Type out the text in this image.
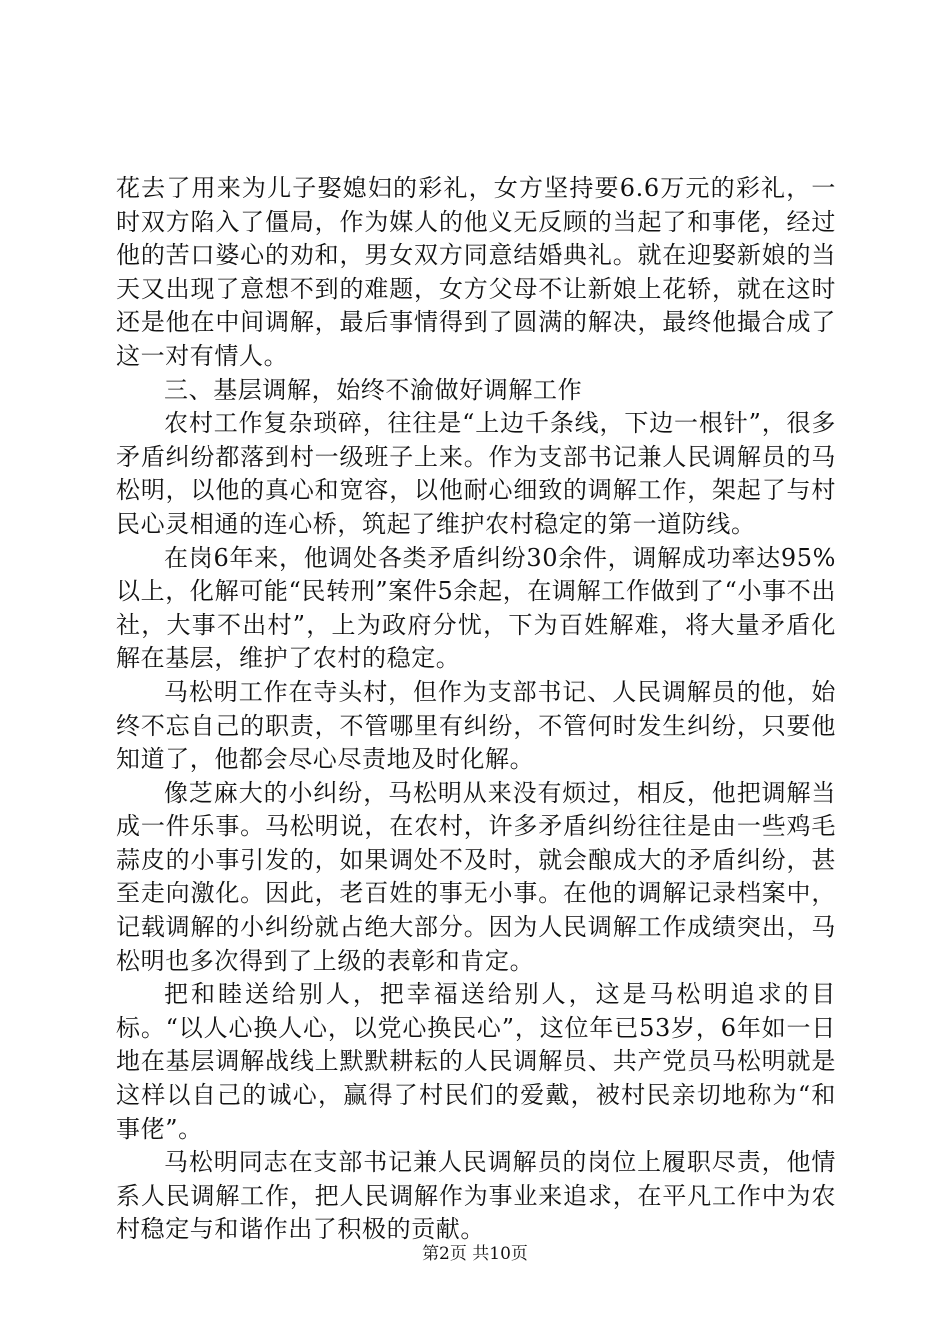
花去了用来为儿子娶媳妇的彩礼，女方坚持要6.6万元的彩礼，一时双方陷入了僵局，作为媒人的他义无反顾的当起了和事佬，经过他的苦口婆心的劝和，男女双方同意结婚典礼。就在迎娶新娘的当天又出现了意想不到的难题，女方父母不让新娘上花轿，就在这时还是他在中间调解，最后事情得到了圆满的解决，最终他撮合成了这一对有情人。

三、基层调解，始终不渝做好调解工作

农村工作复杂琐碎，往往是“上边千条线，下边一根针”，很多矛盾纠纷都落到村一级班子上来。作为支部书记兼人民调解员的马松明，以他的真心和宽容，以他耐心细致的调解工作，架起了与村民心灵相通的连心桥，筑起了维护农村稳定的第一道防线。

在岗6年来，他调处各类矛盾纠纷30余件，调解成功率达95%以上，化解可能“民转刑”案件5余起，在调解工作做到了“小事不出社，大事不出村”，上为政府分忧，下为百姓解难，将大量矛盾化解在基层，维护了农村的稳定。

马松明工作在寺头村，但作为支部书记、人民调解员的他，始终不忘自己的职责，不管哪里有纠纷，不管何时发生纠纷，只要他知道了，他都会尽心尽责地及时化解。

像芝麻大的小纠纷，马松明从来没有烦过，相反，他把调解当成一件乐事。马松明说，在农村，许多矛盾纠纷往往是由一些鸡毛蒜皮的小事引发的，如果调处不及时，就会酿成大的矛盾纠纷，甚至走向激化。因此，老百姓的事无小事。在他的调解记录档案中，记载调解的小纠纷就占绝大部分。因为人民调解工作成绩突出，马松明也多次得到了上级的表彰和肯定。

把和睦送给别人，把幸福送给别人，这是马松明追求的目标。“以人心换人心，以党心换民心”，这位年已53岁，6年如一日地在基层调解战线上默默耕耘的人民调解员、共产党员马松明就是这样以自己的诚心，赢得了村民们的爱戴，被村民亲切地称为“和事佬”。

马松明同志在支部书记兼人民调解员的岗位上履职尽责，他情系人民调解工作，把人民调解作为事业来追求，在平凡工作中为农村稳定与和谐作出了积极的贡献。

第2页 共10页
